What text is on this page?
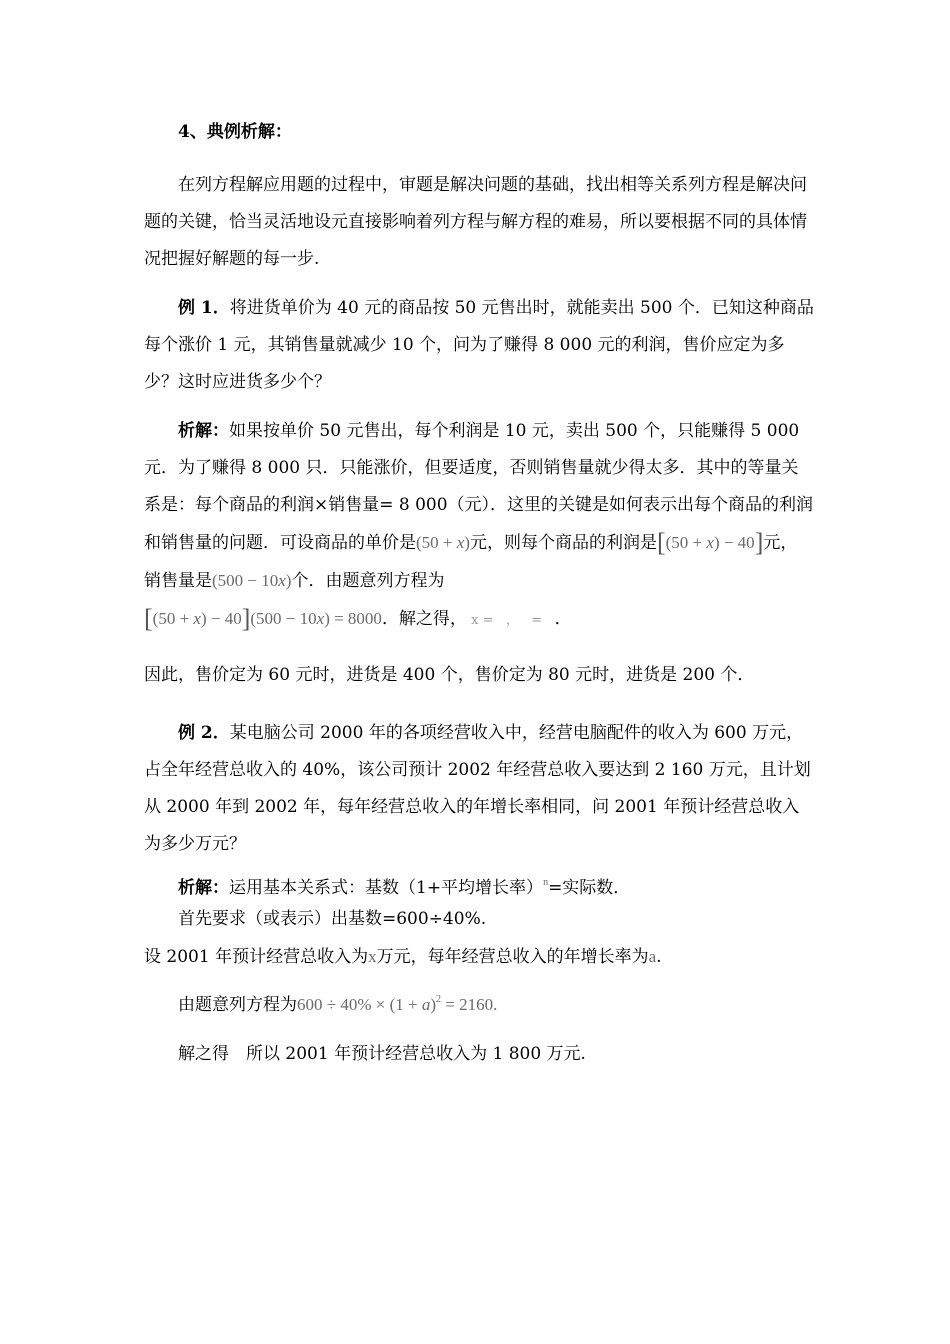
4、典例析解：

在列方程解应用题的过程中，审题是解决问题的基础，找出相等关系列方程是解决问题的关键，恰当灵活地设元直接影响着列方程与解方程的难易，所以要根据不同的具体情况把握好解题的每一步.

例 1．将进货单价为 40 元的商品按 50 元售出时，就能卖出 500 个．已知这种商品每个涨价 1 元，其销售量就减少 10 个，问为了赚得 8 000 元的利润，售价应定为多少？这时应进货多少个？

析解：如果按单价 50 元售出，每个利润是 10 元，卖出 500 个，只能赚得 5 000 元．为了赚得 8 000 只．只能涨价，但要适度，否则销售量就少得太多．其中的等量关系是：每个商品的利润×销售量= 8 000（元）．这里的关键是如何表示出每个商品的利润和销售量的问题．可设商品的单价是(50 + x)元，则每个商品的利润是[(50 + x) − 40]元，销售量是(500 − 10x)个．由题意列方程为
[(50 + x) − 40](500 − 10x) = 8000．解之得， x = ， = ．

因此，售价定为 60 元时，进货是 400 个，售价定为 80 元时，进货是 200 个．

例 2．某电脑公司 2000 年的各项经营收入中，经营电脑配件的收入为 600 万元，占全年经营总收入的 40%，该公司预计 2002 年经营总收入要达到 2 160 万元，且计划从 2000 年到 2002 年，每年经营总收入的年增长率相同，问 2001 年预计经营总收入为多少万元？

析解：运用基本关系式：基数（1+平均增长率）$^n$=实际数．

首先要求（或表示）出基数=600÷40%.

设 2001 年预计经营总收入为x万元，每年经营总收入的年增长率为a.

由题意列方程为$600 \div 40\% \times (1 + a)^2 = 2160$.

解之得　所以 2001 年预计经营总收入为 1 800 万元.
